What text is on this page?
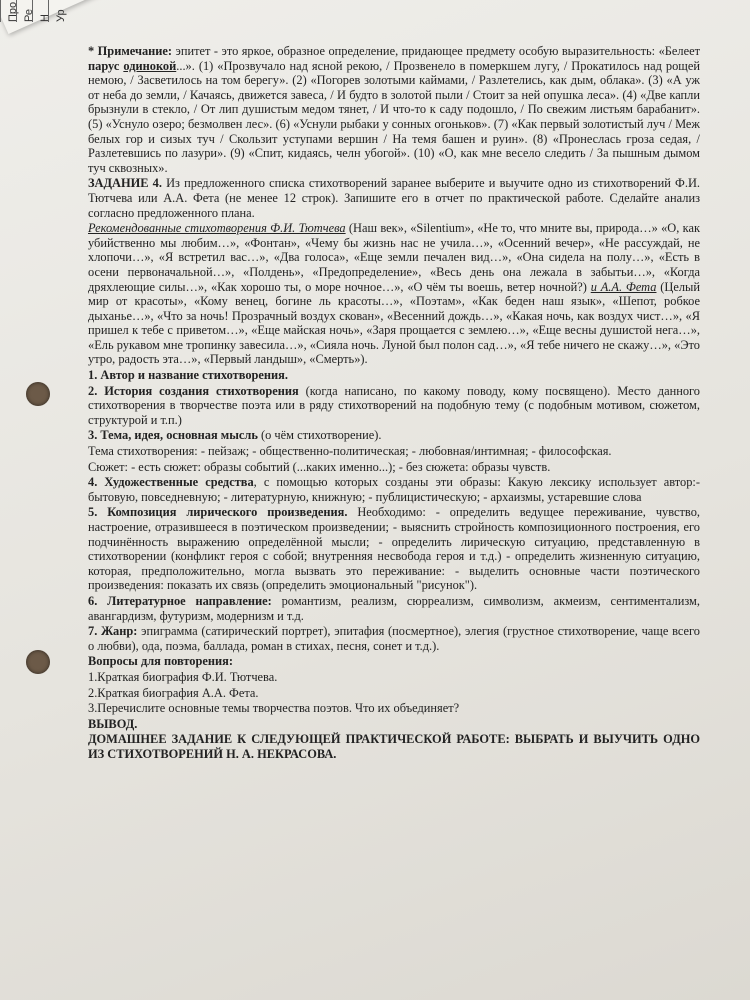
Про Ре Н Ур

* Примечание: эпитет - это яркое, образное определение, придающее предмету особую выразительность: «Белеет парус одинокой...». (1) «Прозвучало над ясной рекою, / Прозвенело в померкшем лугу, / Прокатилось над рощей немою, / Засветилось на том берегу». (2) «Погорев золотыми каймами, / Разлетелись, как дым, облака». (3) «А уж от неба до земли, / Качаясь, движется завеса, / И будто в золотой пыли / Стоит за ней опушка леса». (4) «Две капли брызнули в стекло, / От лип душистым медом тянет, / И что-то к саду подошло, / По свежим листьям барабанит». (5) «Уснуло озеро; безмолвен лес». (6) «Уснули рыбаки у сонных огоньков». (7) «Как первый золотистый луч / Меж белых гор и сизых туч / Скользит уступами вершин / На темя башен и руин». (8) «Пронеслась гроза седая, / Разлетевшись по лазури». (9) «Спит, кидаясь, челн убогой». (10) «О, как мне весело следить / За пышным дымом туч сквозных».

ЗАДАНИЕ 4. Из предложенного списка стихотворений заранее выберите и выучите одно из стихотворений Ф.И. Тютчева или А.А. Фета (не менее 12 строк). Запишите его в отчет по практической работе. Сделайте анализ согласно предложенного плана.

Рекомендованные стихотворения Ф.И. Тютчева (Наш век», «Silentium», «Не то, что мните вы, природа…» «О, как убийственно мы любим…», «Фонтан», «Чему бы жизнь нас не учила…», «Осенний вечер», «Не рассуждай, не хлопочи…», «Я встретил вас…», «Два голоса», «Еще земли печален вид…», «Она сидела на полу…», «Есть в осени первоначальной…», «Полдень», «Предопределение», «Весь день она лежала в забытьи…», «Когда дряхлеющие силы…», «Как хорошо ты, о море ночное…», «О чём ты воешь, ветер ночной?) и А.А. Фета (Целый мир от красоты», «Кому венец, богине ль красоты…», «Поэтам», «Как беден наш язык», «Шепот, робкое дыханье…», «Что за ночь! Прозрачный воздух скован», «Весенний дождь…», «Какая ночь, как воздух чист…», «Я пришел к тебе с приветом…», «Еще майская ночь», «Заря прощается с землею…», «Еще весны душистой нега…», «Ель рукавом мне тропинку завесила…», «Сияла ночь. Луной был полон сад…», «Я тебе ничего не скажу…», «Это утро, радость эта…», «Первый ландыш», «Смерть»).

1. Автор и название стихотворения.

2. История создания стихотворения (когда написано, по какому поводу, кому посвящено). Место данного стихотворения в творчестве поэта или в ряду стихотворений на подобную тему (с подобным мотивом, сюжетом, структурой и т.п.)

3. Тема, идея, основная мысль (о чём стихотворение).

Тема стихотворения: - пейзаж; - общественно-политическая; - любовная/интимная; - философская.

Сюжет: - есть сюжет: образы событий (...каких именно...); - без сюжета: образы чувств.

4. Художественные средства, с помощью которых созданы эти образы: Какую лексику использует автор:- бытовую, повседневную; - литературную, книжную; - публицистическую; - архаизмы, устаревшие слова

5. Композиция лирического произведения. Необходимо: - определить ведущее переживание, чувство, настроение, отразившееся в поэтическом произведении; - выяснить стройность композиционного построения, его подчинённость выражению определённой мысли; - определить лирическую ситуацию, представленную в стихотворении (конфликт героя с собой; внутренняя несвобода героя и т.д.) - определить жизненную ситуацию, которая, предположительно, могла вызвать это переживание: - выделить основные части поэтического произведения: показать их связь (определить эмоциональный "рисунок").

6. Литературное направление: романтизм, реализм, сюрреализм, символизм, акмеизм, сентиментализм, авангардизм, футуризм, модернизм и т.д.

7. Жанр: эпиграмма (сатирический портрет), эпитафия (посмертное), элегия (грустное стихотворение, чаще всего о любви), ода, поэма, баллада, роман в стихах, песня, сонет и т.д.).

Вопросы для повторения:

1.Краткая биография Ф.И. Тютчева.

2.Краткая биография А.А. Фета.

3.Перечислите основные темы творчества поэтов. Что их объединяет?

ВЫВОД.

ДОМАШНЕЕ ЗАДАНИЕ К СЛЕДУЮЩЕЙ ПРАКТИЧЕСКОЙ РАБОТЕ: ВЫБРАТЬ И ВЫУЧИТЬ ОДНО ИЗ СТИХОТВОРЕНИЙ Н. А. НЕКРАСОВА.
